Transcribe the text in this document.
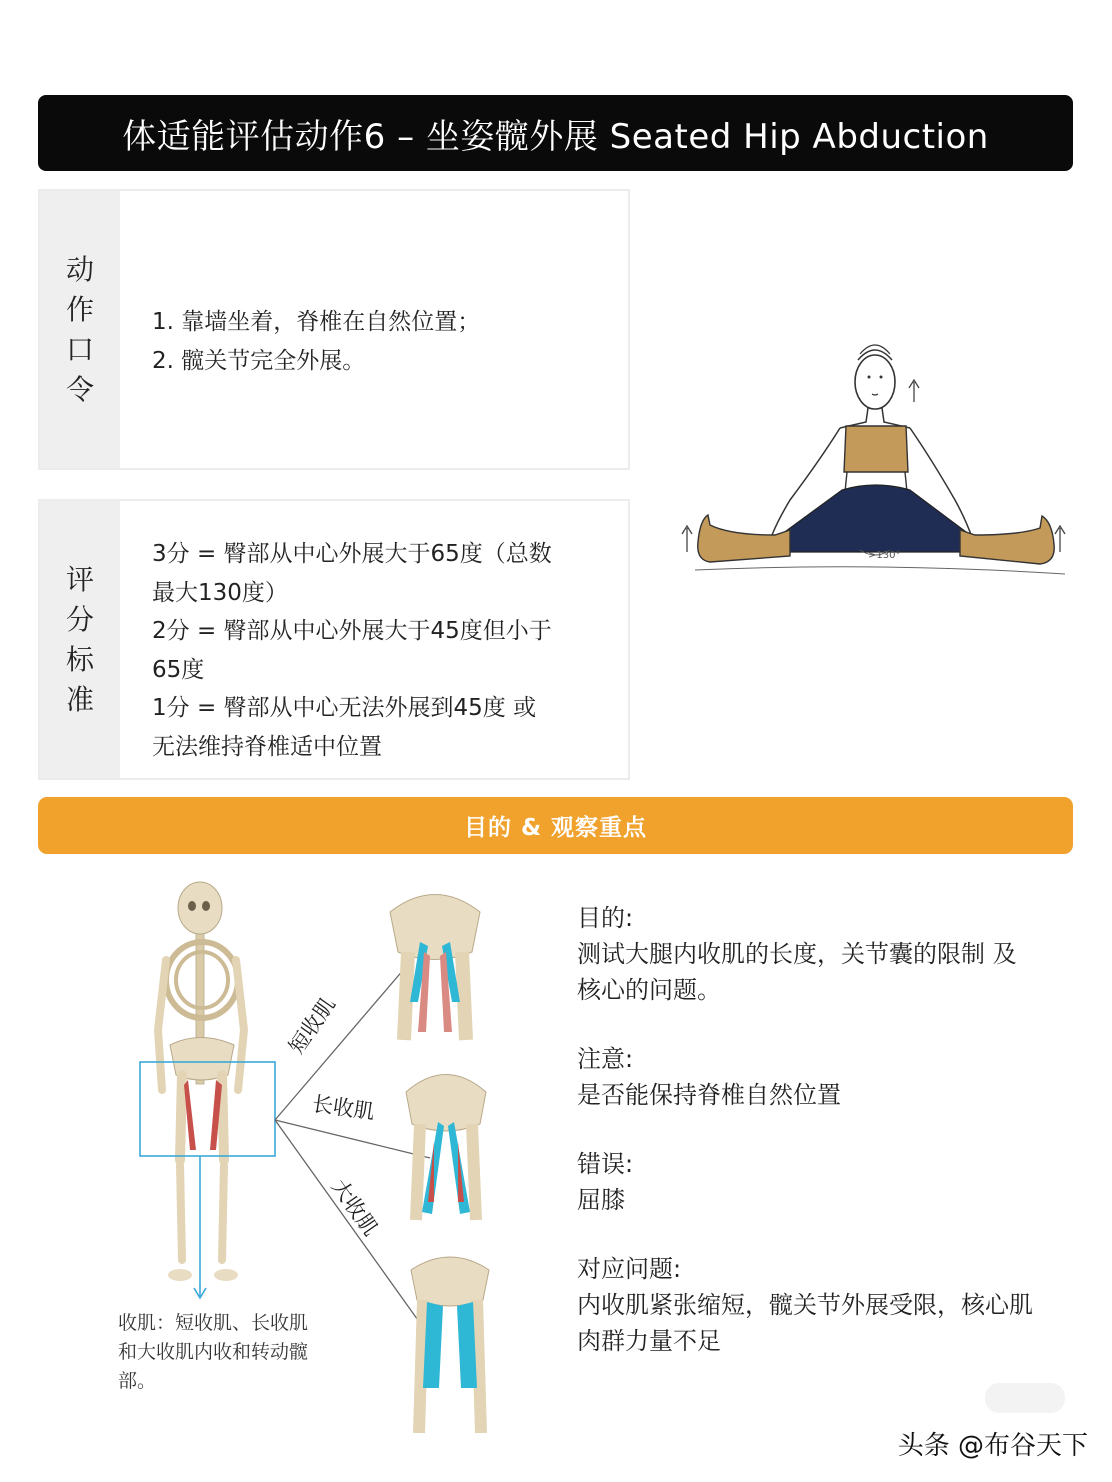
体适能评估动作6 – 坐姿髋外展 Seated Hip Abduction
动
作
口
令
1. 靠墙坐着，脊椎在自然位置；
2. 髋关节完全外展。
评
分
标
准
3分 = 臀部从中心外展大于65度（总数
最大130度）
2分 = 臀部从中心外展大于45度但小于
65度
1分 = 臀部从中心无法外展到45度 或
无法维持脊椎适中位置
>130°
目的 & 观察重点
短收肌
长收肌
大收肌
收肌：短收肌、长收肌
和大收肌内收和转动髋
部。
目的:
测试大腿内收肌的长度，关节囊的限制 及
核心的问题。
注意:
是否能保持脊椎自然位置
错误:
屈膝
对应问题:
内收肌紧张缩短，髋关节外展受限，核心肌
肉群力量不足
头条 @布谷天下
